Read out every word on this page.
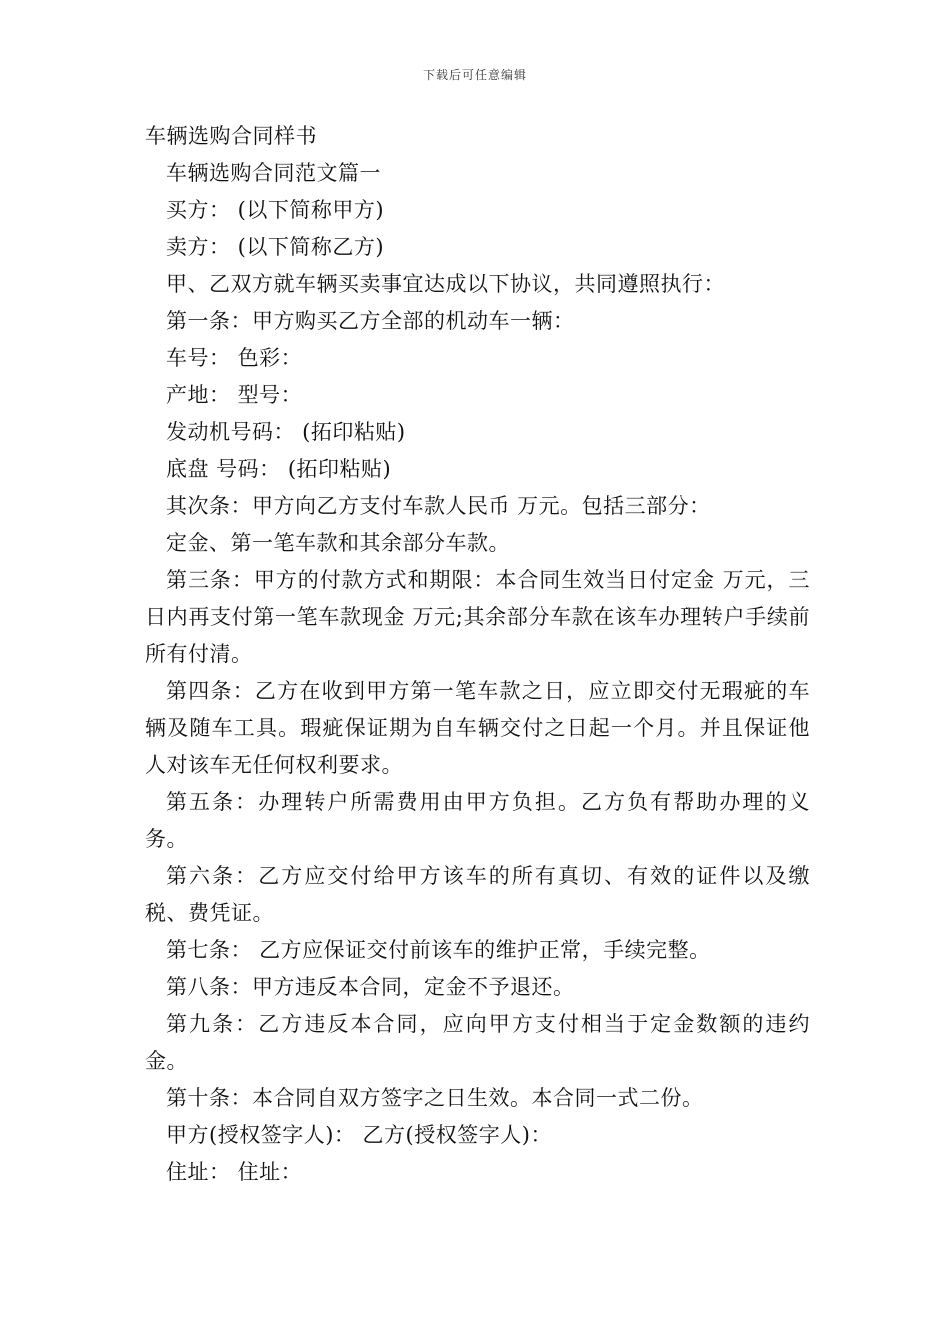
下载后可任意编辑
车辆选购合同样书
车辆选购合同范文篇一
买方： (以下简称甲方)
卖方： (以下简称乙方)
甲、乙双方就车辆买卖事宜达成以下协议，共同遵照执行：
第一条：甲方购买乙方全部的机动车一辆：
车号： 色彩：
产地： 型号：
发动机号码： (拓印粘贴)
底盘 号码： (拓印粘贴)
其次条：甲方向乙方支付车款人民币 万元。包括三部分：
定金、第一笔车款和其余部分车款。
第三条：甲方的付款方式和期限：本合同生效当日付定金 万元，三日内再支付第一笔车款现金 万元;其余部分车款在该车办理转户手续前所有付清。
第四条：乙方在收到甲方第一笔车款之日，应立即交付无瑕疵的车辆及随车工具。瑕疵保证期为自车辆交付之日起一个月。并且保证他人对该车无任何权利要求。
第五条：办理转户所需费用由甲方负担。乙方负有帮助办理的义务。
第六条：乙方应交付给甲方该车的所有真切、有效的证件以及缴税、费凭证。
第七条： 乙方应保证交付前该车的维护正常，手续完整。
第八条：甲方违反本合同，定金不予退还。
第九条：乙方违反本合同，应向甲方支付相当于定金数额的违约金。
第十条：本合同自双方签字之日生效。本合同一式二份。
甲方(授权签字人)： 乙方(授权签字人)：
住址： 住址：
